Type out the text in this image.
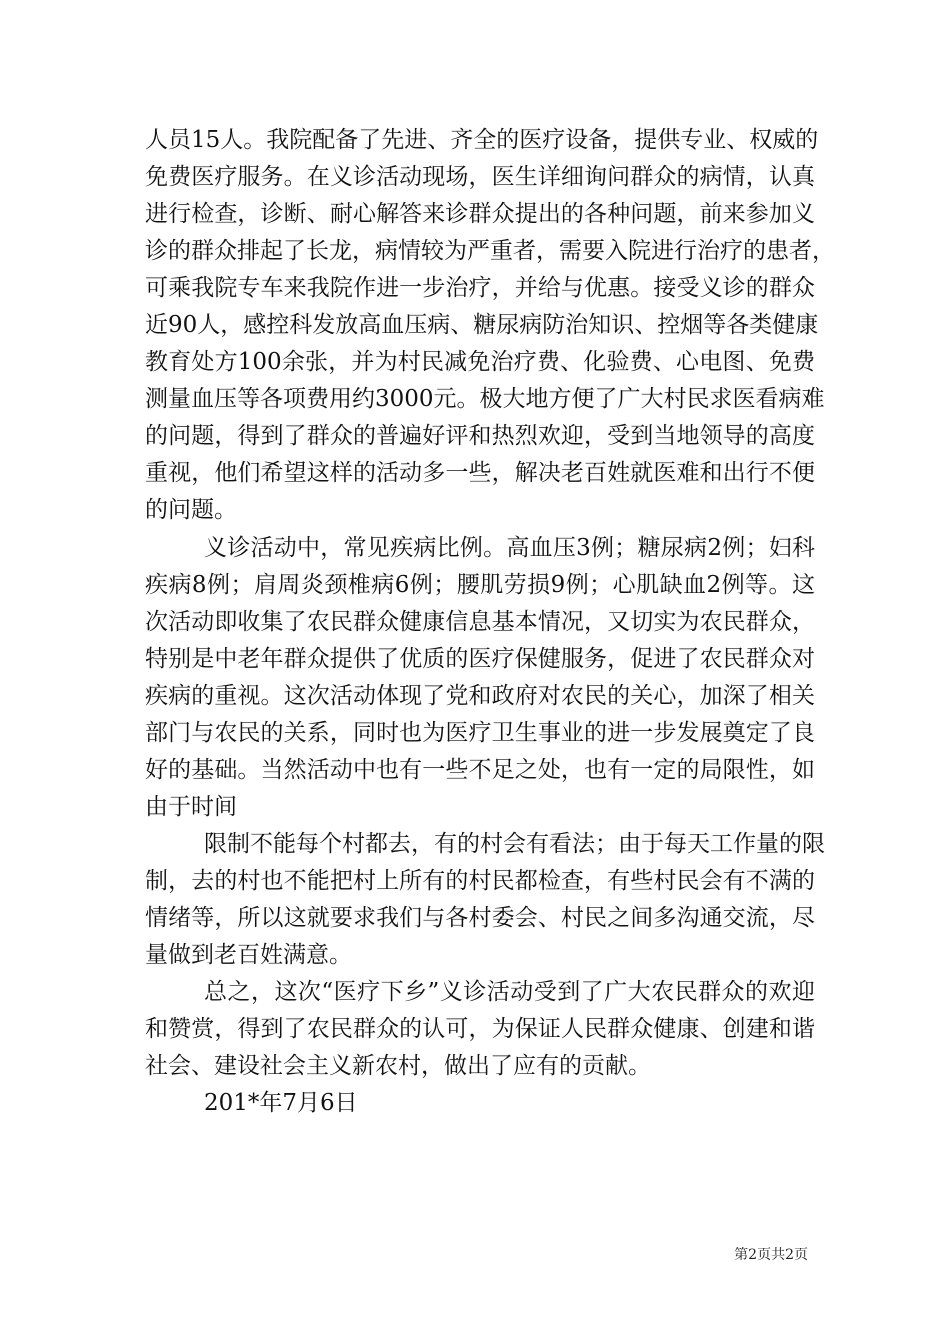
人员15人。我院配备了先进、齐全的医疗设备，提供专业、权威的
免费医疗服务。在义诊活动现场，医生详细询问群众的病情，认真
进行检查，诊断、耐心解答来诊群众提出的各种问题，前来参加义
诊的群众排起了长龙，病情较为严重者，需要入院进行治疗的患者，
可乘我院专车来我院作进一步治疗，并给与优惠。接受义诊的群众
近90人，感控科发放高血压病、糖尿病防治知识、控烟等各类健康
教育处方100余张，并为村民减免治疗费、化验费、心电图、免费
测量血压等各项费用约3000元。极大地方便了广大村民求医看病难
的问题，得到了群众的普遍好评和热烈欢迎，受到当地领导的高度
重视，他们希望这样的活动多一些，解决老百姓就医难和出行不便
的问题。
义诊活动中，常见疾病比例。高血压3例；糖尿病2例；妇科
疾病8例；肩周炎颈椎病6例；腰肌劳损9例；心肌缺血2例等。这
次活动即收集了农民群众健康信息基本情况，又切实为农民群众，
特别是中老年群众提供了优质的医疗保健服务，促进了农民群众对
疾病的重视。这次活动体现了党和政府对农民的关心，加深了相关
部门与农民的关系，同时也为医疗卫生事业的进一步发展奠定了良
好的基础。当然活动中也有一些不足之处，也有一定的局限性，如
由于时间
限制不能每个村都去，有的村会有看法；由于每天工作量的限
制，去的村也不能把村上所有的村民都检查，有些村民会有不满的
情绪等，所以这就要求我们与各村委会、村民之间多沟通交流，尽
量做到老百姓满意。
总之，这次“医疗下乡”义诊活动受到了广大农民群众的欢迎
和赞赏，得到了农民群众的认可，为保证人民群众健康、创建和谐
社会、建设社会主义新农村，做出了应有的贡献。
201*年7月6日
第2页共2页
